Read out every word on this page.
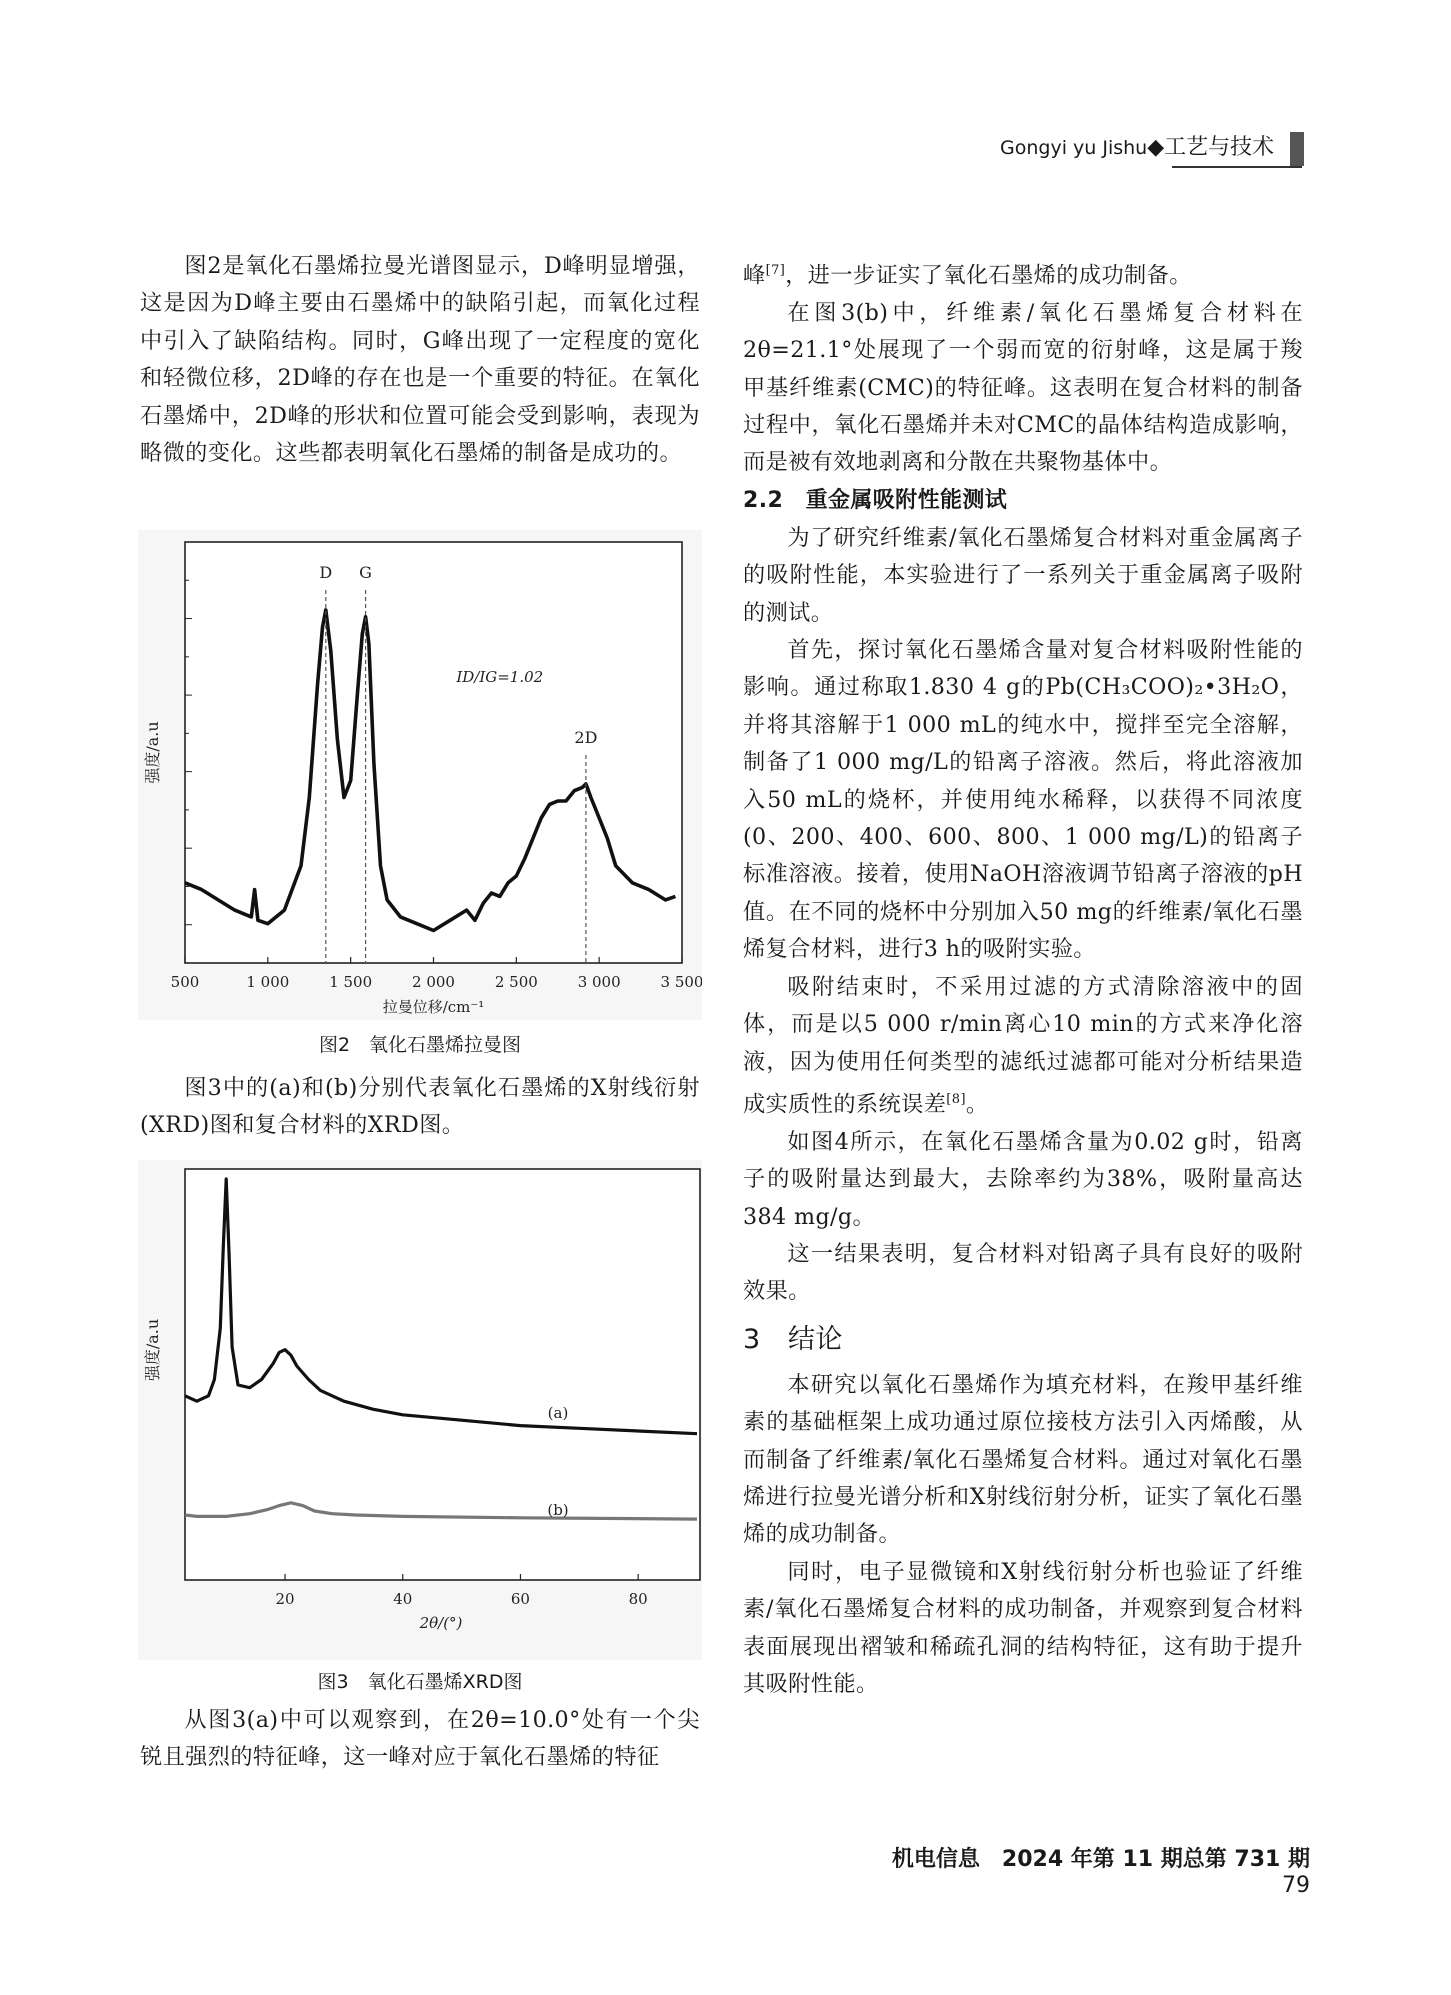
Gongyi yu Jishu◆工艺与技术

图2是氧化石墨烯拉曼光谱图显示，D峰明显增强，这是因为D峰主要由石墨烯中的缺陷引起，而氧化过程中引入了缺陷结构。同时，G峰出现了一定程度的宽化和轻微位移，2D峰的存在也是一个重要的特征。在氧化石墨烯中，2D峰的形状和位置可能会受到影响，表现为略微的变化。这些都表明氧化石墨烯的制备是成功的。

500	1 000	1 500	2 000	2 500	3 000	3 500
D G
2D
ID/IG=1.02
强度/a.u
拉曼位移/cm⁻¹
图2　氧化石墨烯拉曼图

图3中的(a)和(b)分别代表氧化石墨烯的X射线衍射(XRD)图和复合材料的XRD图。

20	40	60	80
(a)
(b)
强度/a.u
2θ/(°)
图3　氧化石墨烯XRD图

从图3(a)中可以观察到，在2θ=10.0°处有一个尖锐且强烈的特征峰，这一峰对应于氧化石墨烯的特征

峰[7]，进一步证实了氧化石墨烯的成功制备。

在图3(b)中，纤维素/氧化石墨烯复合材料在2θ=21.1°处展现了一个弱而宽的衍射峰，这是属于羧甲基纤维素(CMC)的特征峰。这表明在复合材料的制备过程中，氧化石墨烯并未对CMC的晶体结构造成影响，而是被有效地剥离和分散在共聚物基体中。

2.2　重金属吸附性能测试

为了研究纤维素/氧化石墨烯复合材料对重金属离子的吸附性能，本实验进行了一系列关于重金属离子吸附的测试。

首先，探讨氧化石墨烯含量对复合材料吸附性能的影响。通过称取1.830 4 g的Pb(CH₃COO)₂•3H₂O，并将其溶解于1 000 mL的纯水中，搅拌至完全溶解，制备了1 000 mg/L的铅离子溶液。然后，将此溶液加入50 mL的烧杯，并使用纯水稀释，以获得不同浓度(0、200、400、600、800、1 000 mg/L)的铅离子标准溶液。接着，使用NaOH溶液调节铅离子溶液的pH值。在不同的烧杯中分别加入50 mg的纤维素/氧化石墨烯复合材料，进行3 h的吸附实验。

吸附结束时，不采用过滤的方式清除溶液中的固体，而是以5 000 r/min离心10 min的方式来净化溶液，因为使用任何类型的滤纸过滤都可能对分析结果造成实质性的系统误差[8]。

如图4所示，在氧化石墨烯含量为0.02 g时，铅离子的吸附量达到最大，去除率约为38%，吸附量高达384 mg/g。

这一结果表明，复合材料对铅离子具有良好的吸附效果。

3　结论

本研究以氧化石墨烯作为填充材料，在羧甲基纤维素的基础框架上成功通过原位接枝方法引入丙烯酸，从而制备了纤维素/氧化石墨烯复合材料。通过对氧化石墨烯进行拉曼光谱分析和X射线衍射分析，证实了氧化石墨烯的成功制备。

同时，电子显微镜和X射线衍射分析也验证了纤维素/氧化石墨烯复合材料的成功制备，并观察到复合材料表面展现出褶皱和稀疏孔洞的结构特征，这有助于提升其吸附性能。

机电信息　 2024 年第 11 期总第 731 期　79
